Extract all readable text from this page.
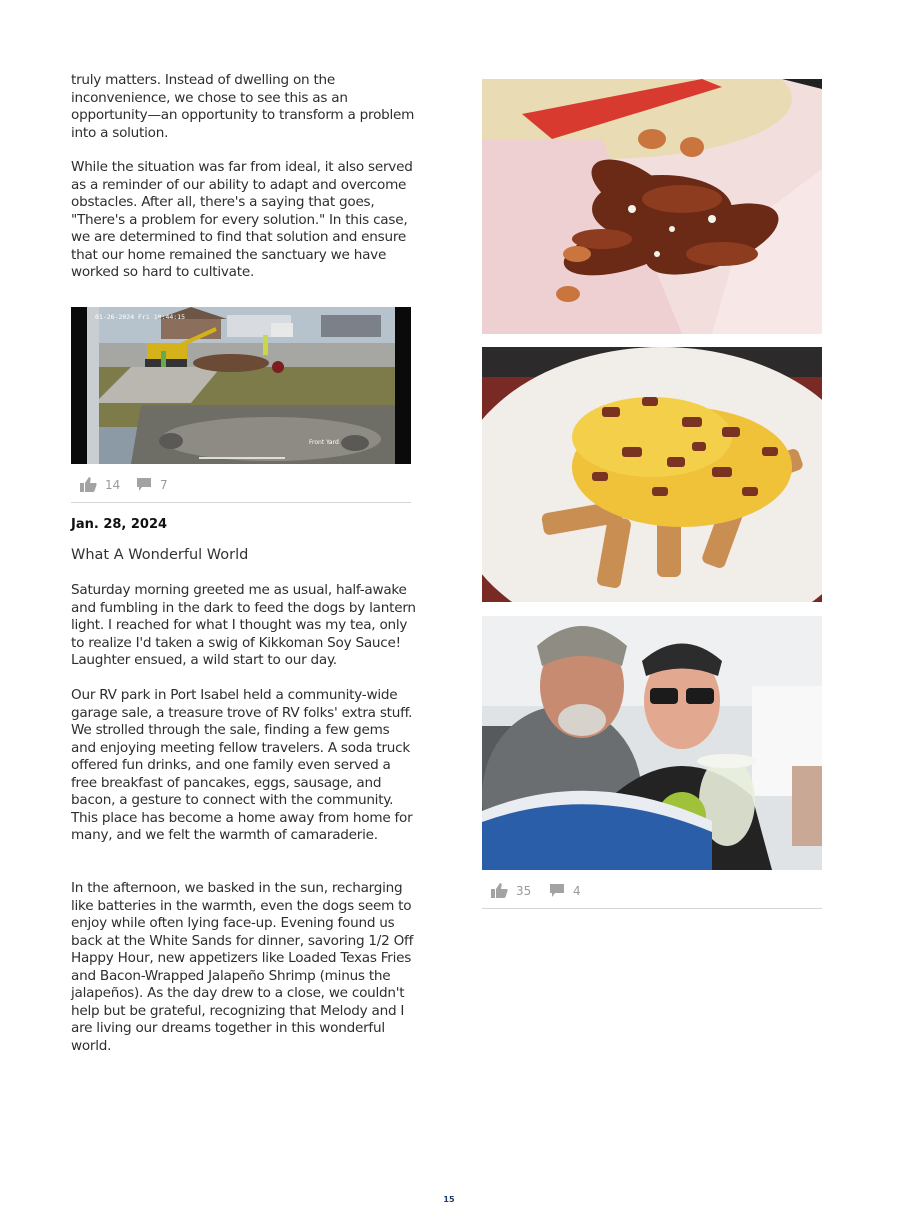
truly matters. Instead of dwelling on the inconvenience, we chose to see this as an opportunity—an opportunity to transform a problem into a solution.

While the situation was far from ideal, it also served as a reminder of our ability to adapt and overcome obstacles. After all, there's a saying that goes, "There's a problem for every solution." In this case, we are determined to find that solution and ensure that our home remained the sanctuary we have worked so hard to cultivate.

01-26-2024 Fri 10:44:15
Front Yard
14	7
Jan. 28, 2024
What A Wonderful World

Saturday morning greeted me as usual, half-awake and fumbling in the dark to feed the dogs by lantern light. I reached for what I thought was my tea, only to realize I'd taken a swig of Kikkoman Soy Sauce! Laughter ensued, a wild start to our day.

Our RV park in Port Isabel held a community-wide garage sale, a treasure trove of RV folks' extra stuff. We strolled through the sale, finding a few gems and enjoying meeting fellow travelers. A soda truck offered fun drinks, and one family even served a free breakfast of pancakes, eggs, sausage, and bacon, a gesture to connect with the community. This place has become a home away from home for many, and we felt the warmth of camaraderie.

In the afternoon, we basked in the sun, recharging like batteries in the warmth, even the dogs seem to enjoy while often lying face-up. Evening found us back at the White Sands for dinner, savoring 1/2 Off Happy Hour, new appetizers like Loaded Texas Fries and Bacon-Wrapped Jalapeño Shrimp (minus the jalapeños). As the day drew to a close, we couldn't help but be grateful, recognizing that Melody and I are living our dreams together in this wonderful world.

35	4
15
